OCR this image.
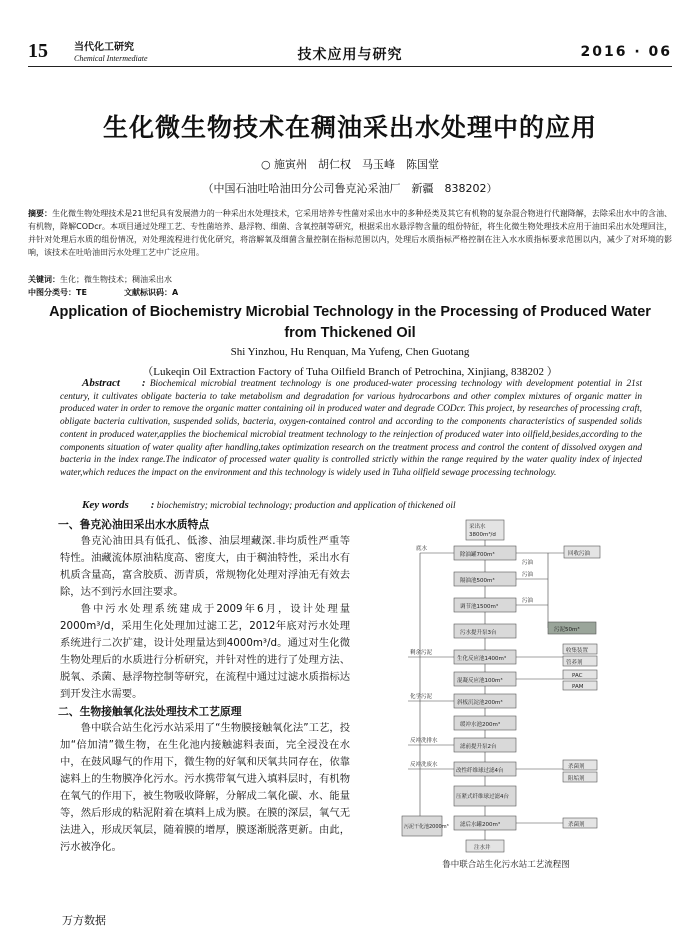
15	当代化工研究
Chemical Intermediate	技术应用与研究	2016 · 06
生化微生物技术在稠油采出水处理中的应用
○ 施寅州　胡仁权　马玉峰　陈国堂
（中国石油吐哈油田分公司鲁克沁采油厂　新疆　838202）
摘要：生化微生物处理技术是21世纪具有发展潜力的一种采出水处理技术，它采用培养专性菌对采出水中的多种烃类及其它有机物的复杂混合物进行代谢降解，去除采出水中的含油、有机物，降解CODcr。本项目通过处理工艺、专性菌培养、悬浮物、细菌、含氧控制等研究，根据采出水悬浮物含量的组份特征，将生化微生物处理技术应用于油田采出水处理回注，并针对处理后水质的组份情况，对处理流程进行优化研究，将溶解氧及细菌含量控制在指标范围以内，处理后水质指标严格控制在注入水水质指标要求范围以内，减少了对环境的影响，该技术在吐哈油田污水处理工艺中广泛应用。
关键词：生化；微生物技术；稠油采出水
中图分类号：TE	文献标识码：A
Application of Biochemistry Microbial Technology in the Processing of Produced Water from Thickened Oil
Shi Yinzhou, Hu Renquan, Ma Yufeng, Chen Guotang
（Lukeqin Oil Extraction Factory of Tuha Oilfield Branch of Petrochina, Xinjiang, 838202 ）
Abstract : Biochemical microbial treatment technology is one produced-water processing technology with development potential in 21st century, it cultivates obligate bacteria to take metabolism and degradation for various hydrocarbons and other complex mixtures of organic matter in produced water in order to remove the organic matter containing oil in produced water and degrade CODcr. This project, by researches of processing craft, obligate bacteria cultivation, suspended solids, bacteria, oxygen-contained control and according to the components characteristics of suspended solids content in produced water,applies the biochemical microbial treatment technology to the reinjection of produced water into oilfield,besides,according to the components situation of water quality after handling,takes optimization research on the treatment process and control the content of dissolved oxygen and bacteria in the index range.The indicator of processed water quality is controlled strictly within the range required by the water quality index of injected water,which reduces the impact on the environment and this technology is widely used in Tuha oilfield sewage processing technology.
Key words : biochemistry; microbial technology; production and application of thickened oil
一、鲁克沁油田采出水水质特点

鲁克沁油田具有低孔、低渗、油层埋藏深.非均质性严重等特性。油藏流体原油粘度高、密度大，由于稠油特性，采出水有机质含量高，富含胶质、沥青质，常规物化处理对浮油无有效去除，达不到污水回注要求。

鲁中污水处理系统建成于2009年6月，设计处理量2000m³/d，采用生化处理加过滤工艺，2012年底对污水处理系统进行二次扩建，设计处理量达到4000m³/d。通过对生化微生物处理后的水质进行分析研究，并针对性的进行了处理方法、脱氧、杀菌、悬浮物控制等研究，在流程中通过过滤水质指标达到开发注水需要。

二、生物接触氧化法处理技术工艺原理

鲁中联合站生化污水站采用了“生物膜接触氧化法”工艺，投加“倍加清”微生物，在生化池内接触滤料表面，完全浸没在水中，在鼓风曝气的作用下，微生物的好氧和厌氧共同存在，依靠滤料上的生物膜净化污水。污水携带氧气进入填料层时，有机物在氧气的作用下，被生物吸收降解，分解成二氧化碳、水、能量等，然后形成的粘泥附着在填料上成为膜。在膜的深层，氧气无法进入，形成厌氧层，随着膜的增厚，膜逐渐脱落更新。由此，污水被净化。

采出水
3800m³/d
除油罐700m³
隔油池500m³
调节池1500m³
污水提升泵3台
生化反应池1400m³
混凝反应池100m³
斜板沉淀池200m³
缓冲水池200m³
滤前提升泵2台
改性纤维球过滤4台
压紧式纤维球过滤4台
滤后水罐200m³
注水井
底水
剩余污泥
化学污泥
反冲洗排水
反冲洗废水
污泥干化池2000m³
污油
污油
污油
回收污油
污泥50m³
收集装置
管养剂
PAC
PAM
杀菌剂
阻垢剂
杀菌剂
鲁中联合站生化污水站工艺流程图
万方数据
